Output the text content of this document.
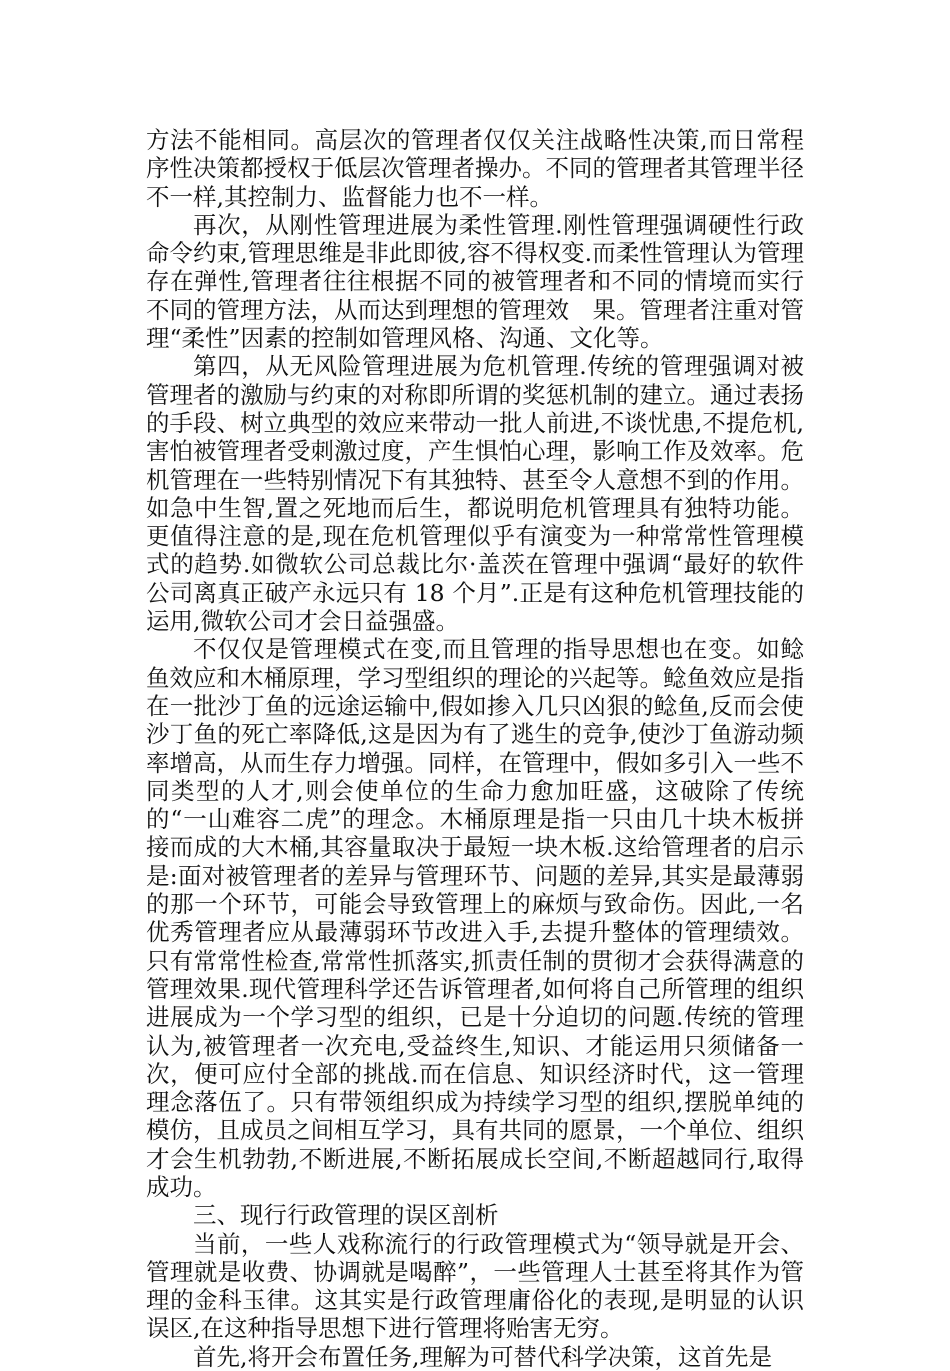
方法不能相同。高层次的管理者仅仅关注战略性决策,而日常程序性决策都授权于低层次管理者操办。不同的管理者其管理半径不一样,其控制力、监督能力也不一样。

再次，从刚性管理进展为柔性管理.刚性管理强调硬性行政命令约束,管理思维是非此即彼,容不得权变.而柔性管理认为管理存在弹性,管理者往往根据不同的被管理者和不同的情境而实行不同的管理方法，从而达到理想的管理效　果。管理者注重对管理“柔性”因素的控制如管理风格、沟通、文化等。

第四，从无风险管理进展为危机管理.传统的管理强调对被管理者的激励与约束的对称即所谓的奖惩机制的建立。通过表扬的手段、树立典型的效应来带动一批人前进,不谈忧患,不提危机,害怕被管理者受刺激过度，产生惧怕心理，影响工作及效率。危机管理在一些特别情况下有其独特、甚至令人意想不到的作用。如急中生智,置之死地而后生，都说明危机管理具有独特功能。更值得注意的是,现在危机管理似乎有演变为一种常常性管理模式的趋势.如微软公司总裁比尔·盖茨在管理中强调“最好的软件公司离真正破产永远只有 18 个月”.正是有这种危机管理技能的运用,微软公司才会日益强盛。

不仅仅是管理模式在变,而且管理的指导思想也在变。如鲶鱼效应和木桶原理，学习型组织的理论的兴起等。鲶鱼效应是指在一批沙丁鱼的远途运输中,假如掺入几只凶狠的鲶鱼,反而会使沙丁鱼的死亡率降低,这是因为有了逃生的竞争,使沙丁鱼游动频率增高，从而生存力增强。同样，在管理中，假如多引入一些不同类型的人才,则会使单位的生命力愈加旺盛，这破除了传统的“一山难容二虎”的理念。木桶原理是指一只由几十块木板拼接而成的大木桶,其容量取决于最短一块木板.这给管理者的启示是:面对被管理者的差异与管理环节、问题的差异,其实是最薄弱的那一个环节，可能会导致管理上的麻烦与致命伤。因此,一名优秀管理者应从最薄弱环节改进入手,去提升整体的管理绩效。只有常常性检查,常常性抓落实,抓责任制的贯彻才会获得满意的管理效果.现代管理科学还告诉管理者,如何将自己所管理的组织进展成为一个学习型的组织，已是十分迫切的问题.传统的管理认为,被管理者一次充电,受益终生,知识、才能运用只须储备一次，便可应付全部的挑战.而在信息、知识经济时代，这一管理理念落伍了。只有带领组织成为持续学习型的组织,摆脱单纯的模仿，且成员之间相互学习，具有共同的愿景，一个单位、组织才会生机勃勃,不断进展,不断拓展成长空间,不断超越同行,取得成功。

三、现行行政管理的误区剖析

当前，一些人戏称流行的行政管理模式为“领导就是开会、管理就是收费、协调就是喝醉”，一些管理人士甚至将其作为管理的金科玉律。这其实是行政管理庸俗化的表现,是明显的认识误区,在这种指导思想下进行管理将贻害无穷。

首先,将开会布置任务,理解为可替代科学决策，这首先是
